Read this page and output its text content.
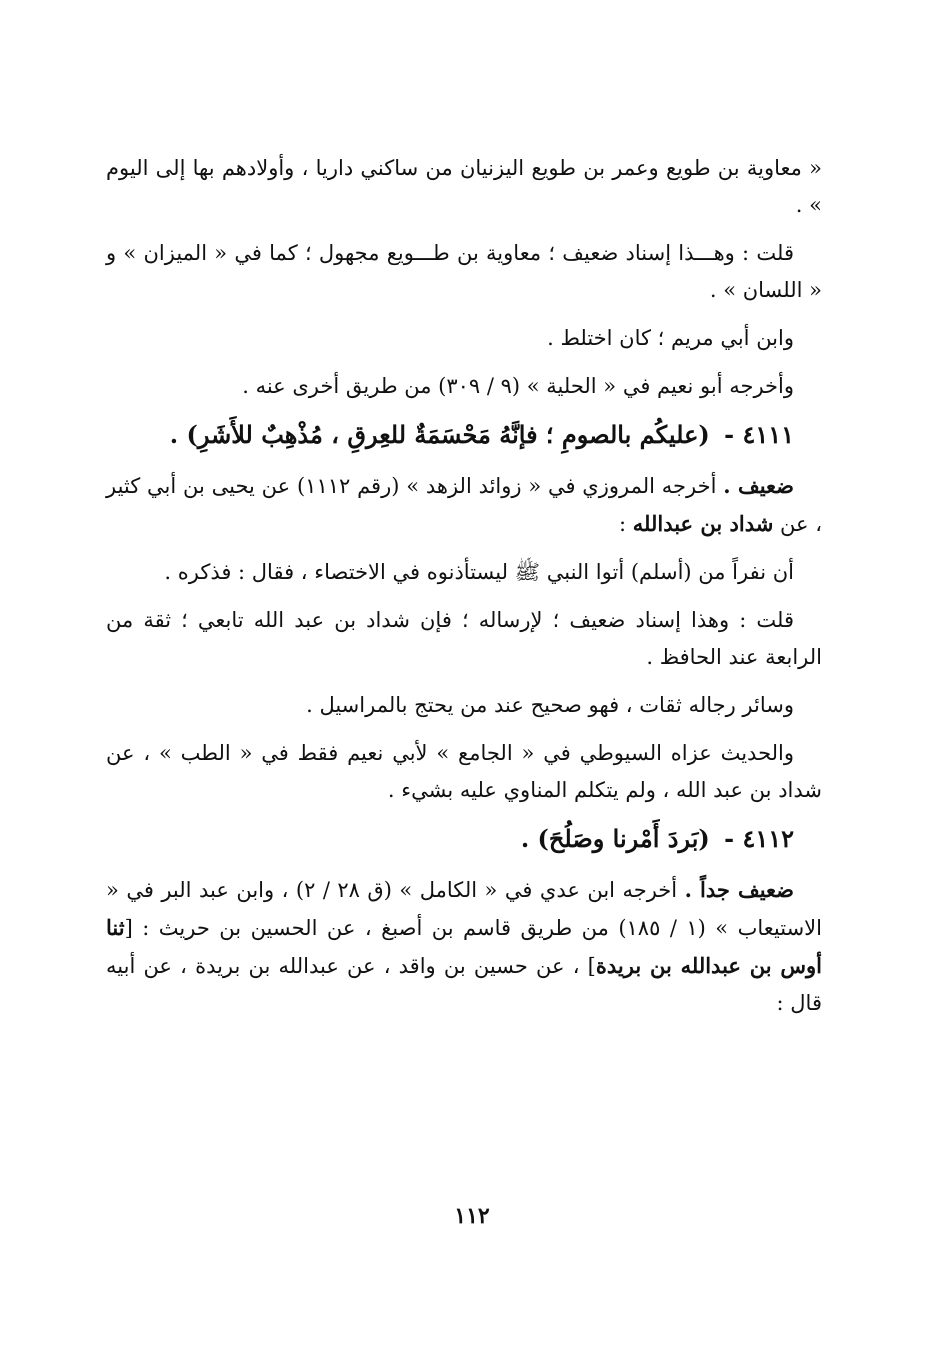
« معاوية بن طويع وعمر بن طويع اليزنيان من ساكني داريا ، وأولادهم بها إلى اليوم » .

قلت : وهـــذا إسناد ضعيف ؛ معاوية بن طـــويع مجهول ؛ كما في « الميزان » و « اللسان » .

وابن أبي مريم ؛ كان اختلط .

وأخرجه أبو نعيم في « الحلية » (٩ / ٣٠٩) من طريق أخرى عنه .

٤١١١ - (عليكُم بالصومِ ؛ فإنَّهُ مَحْسَمَةٌ للعِرقِ ، مُذْهِبٌ للأَشَرِ) .

ضعيف . أخرجه المروزي في « زوائد الزهد » (رقم ١١١٢) عن يحيى بن أبي كثير ، عن شداد بن عبدالله :

أن نفراً من (أسلم) أتوا النبي ﷺ ليستأذنوه في الاختصاء ، فقال : فذكره .

قلت : وهذا إسناد ضعيف ؛ لإرساله ؛ فإن شداد بن عبد الله تابعي ؛ ثقة من الرابعة عند الحافظ .

وسائر رجاله ثقات ، فهو صحيح عند من يحتج بالمراسيل .

والحديث عزاه السيوطي في « الجامع » لأبي نعيم فقط في « الطب » ، عن شداد بن عبد الله ، ولم يتكلم المناوي عليه بشيء .

٤١١٢ - (بَردَ أَمْرنا وصَلُحَ) .

ضعيف جداً . أخرجه ابن عدي في « الكامل » (ق ٢٨ / ٢) ، وابن عبد البر في « الاستيعاب » (١ / ١٨٥) من طريق قاسم بن أصبغ ، عن الحسين بن حريث : [ثنا أوس بن عبدالله بن بريدة] ، عن حسين بن واقد ، عن عبدالله بن بريدة ، عن أبيه قال :

١١٢
